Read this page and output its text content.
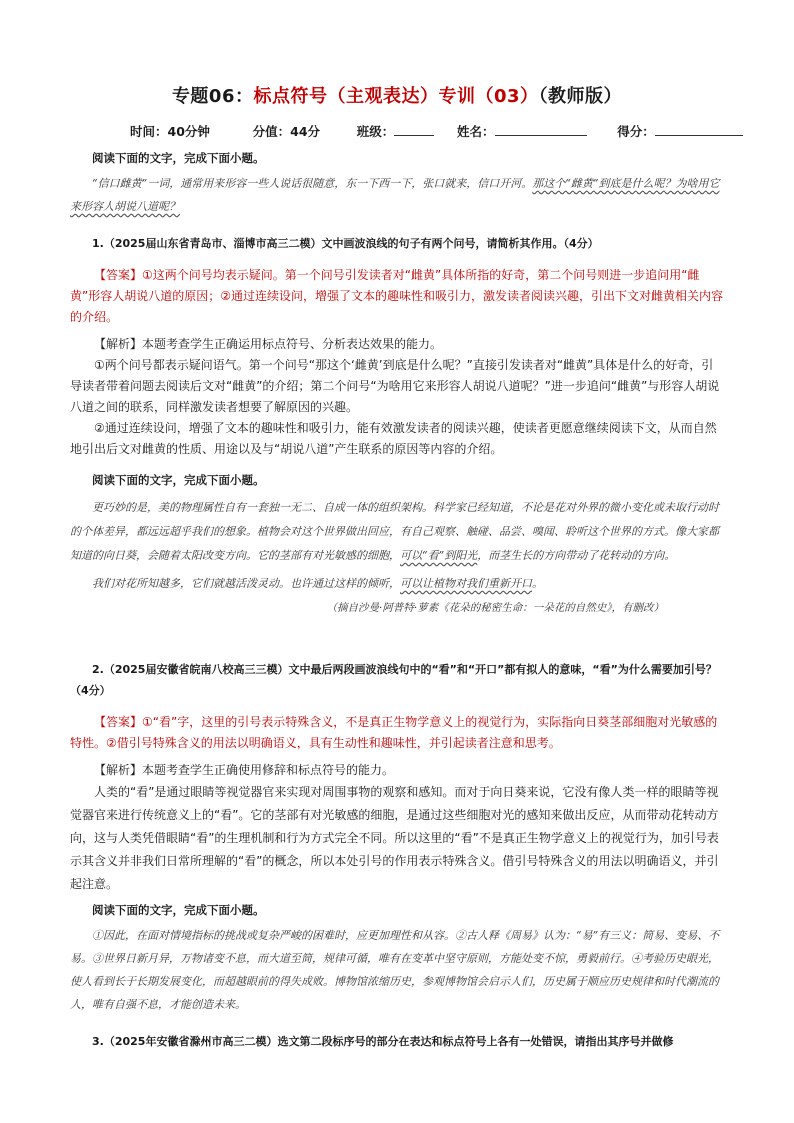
专题06：标点符号（主观表达）专训（03）（教师版）
时间：40分钟	分值：44分	班级：	姓名：	得分：
阅读下面的文字，完成下面小题。

“信口雌黄”一词，通常用来形容一些人说话很随意，东一下西一下，张口就来，信口开河。那这个“雌黄”到底是什么呢？为啥用它来形容人胡说八道呢？

1.（2025届山东省青岛市、淄博市高三二模）文中画波浪线的句子有两个问号，请简析其作用。（4分）

【答案】①这两个问号均表示疑问。第一个问号引发读者对“雌黄”具体所指的好奇，第二个问号则进一步追问用“雌黄”形容人胡说八道的原因；②通过连续设问，增强了文本的趣味性和吸引力，激发读者阅读兴趣，引出下文对雌黄相关内容的介绍。

【解析】本题考查学生正确运用标点符号、分析表达效果的能力。

①两个问号都表示疑问语气。第一个问号“那这个‘雌黄’到底是什么呢？”直接引发读者对“雌黄”具体是什么的好奇，引导读者带着问题去阅读后文对“雌黄”的介绍；第二个问号“为啥用它来形容人胡说八道呢？”进一步追问“雌黄”与形容人胡说八道之间的联系，同样激发读者想要了解原因的兴趣。

②通过连续设问，增强了文本的趣味性和吸引力，能有效激发读者的阅读兴趣，使读者更愿意继续阅读下文，从而自然地引出后文对雌黄的性质、用途以及与“胡说八道”产生联系的原因等内容的介绍。

阅读下面的文字，完成下面小题。

更巧妙的是，美的物理属性自有一套独一无二、自成一体的组织架构。科学家已经知道，不论是花对外界的微小变化或未取行动时的个体差异，都远远超乎我们的想象。植物会对这个世界做出回应，有自己观察、触碰、品尝、嗅闻、聆听这个世界的方式。像大家都知道的向日葵，会随着太阳改变方向。它的茎部有对光敏感的细胞，可以“看”到阳光，而茎生长的方向带动了花转动的方向。

我们对花所知越多，它们就越活泼灵动。也许通过这样的倾听，可以让植物对我们重新开口。

（摘自沙曼·阿普特·萝素《花朵的秘密生命：一朵花的自然史》，有删改）

2.（2025届安徽省皖南八校高三三模）文中最后两段画波浪线句中的“看”和“开口”都有拟人的意味，“看”为什么需要加引号？（4分）

【答案】①“看”字，这里的引号表示特殊含义，不是真正生物学意义上的视觉行为，实际指向日葵茎部细胞对光敏感的特性。②借引号特殊含义的用法以明确语义，具有生动性和趣味性，并引起读者注意和思考。

【解析】本题考查学生正确使用修辞和标点符号的能力。

人类的“看”是通过眼睛等视觉器官来实现对周围事物的观察和感知。而对于向日葵来说，它没有像人类一样的眼睛等视觉器官来进行传统意义上的“看”。它的茎部有对光敏感的细胞，是通过这些细胞对光的感知来做出反应，从而带动花转动方向，这与人类凭借眼睛“看”的生理机制和行为方式完全不同。所以这里的“看”不是真正生物学意义上的视觉行为，加引号表示其含义并非我们日常所理解的“看”的概念，所以本处引号的作用表示特殊含义。借引号特殊含义的用法以明确语义，并引起注意。

阅读下面的文字，完成下面小题。

①因此，在面对情境指标的挑战或复杂严峻的困难时，应更加理性和从容。②古人释《周易》认为：“易”有三义：简易、变易、不易。③世界日新月异，万物诸变不息，而大道至简，规律可循，唯有在变革中坚守原则，方能处变不惊，勇毅前行。④考验历史眼光，使人看到长于长期发展变化，而超越眼前的得失成败。博物馆浓缩历史，参观博物馆会启示人们，历史属于顺应历史规律和时代潮流的人，唯有自强不息，才能创造未来。

3.（2025年安徽省滁州市高三二模）选文第二段标序号的部分在表达和标点符号上各有一处错误，请指出其序号并做修
